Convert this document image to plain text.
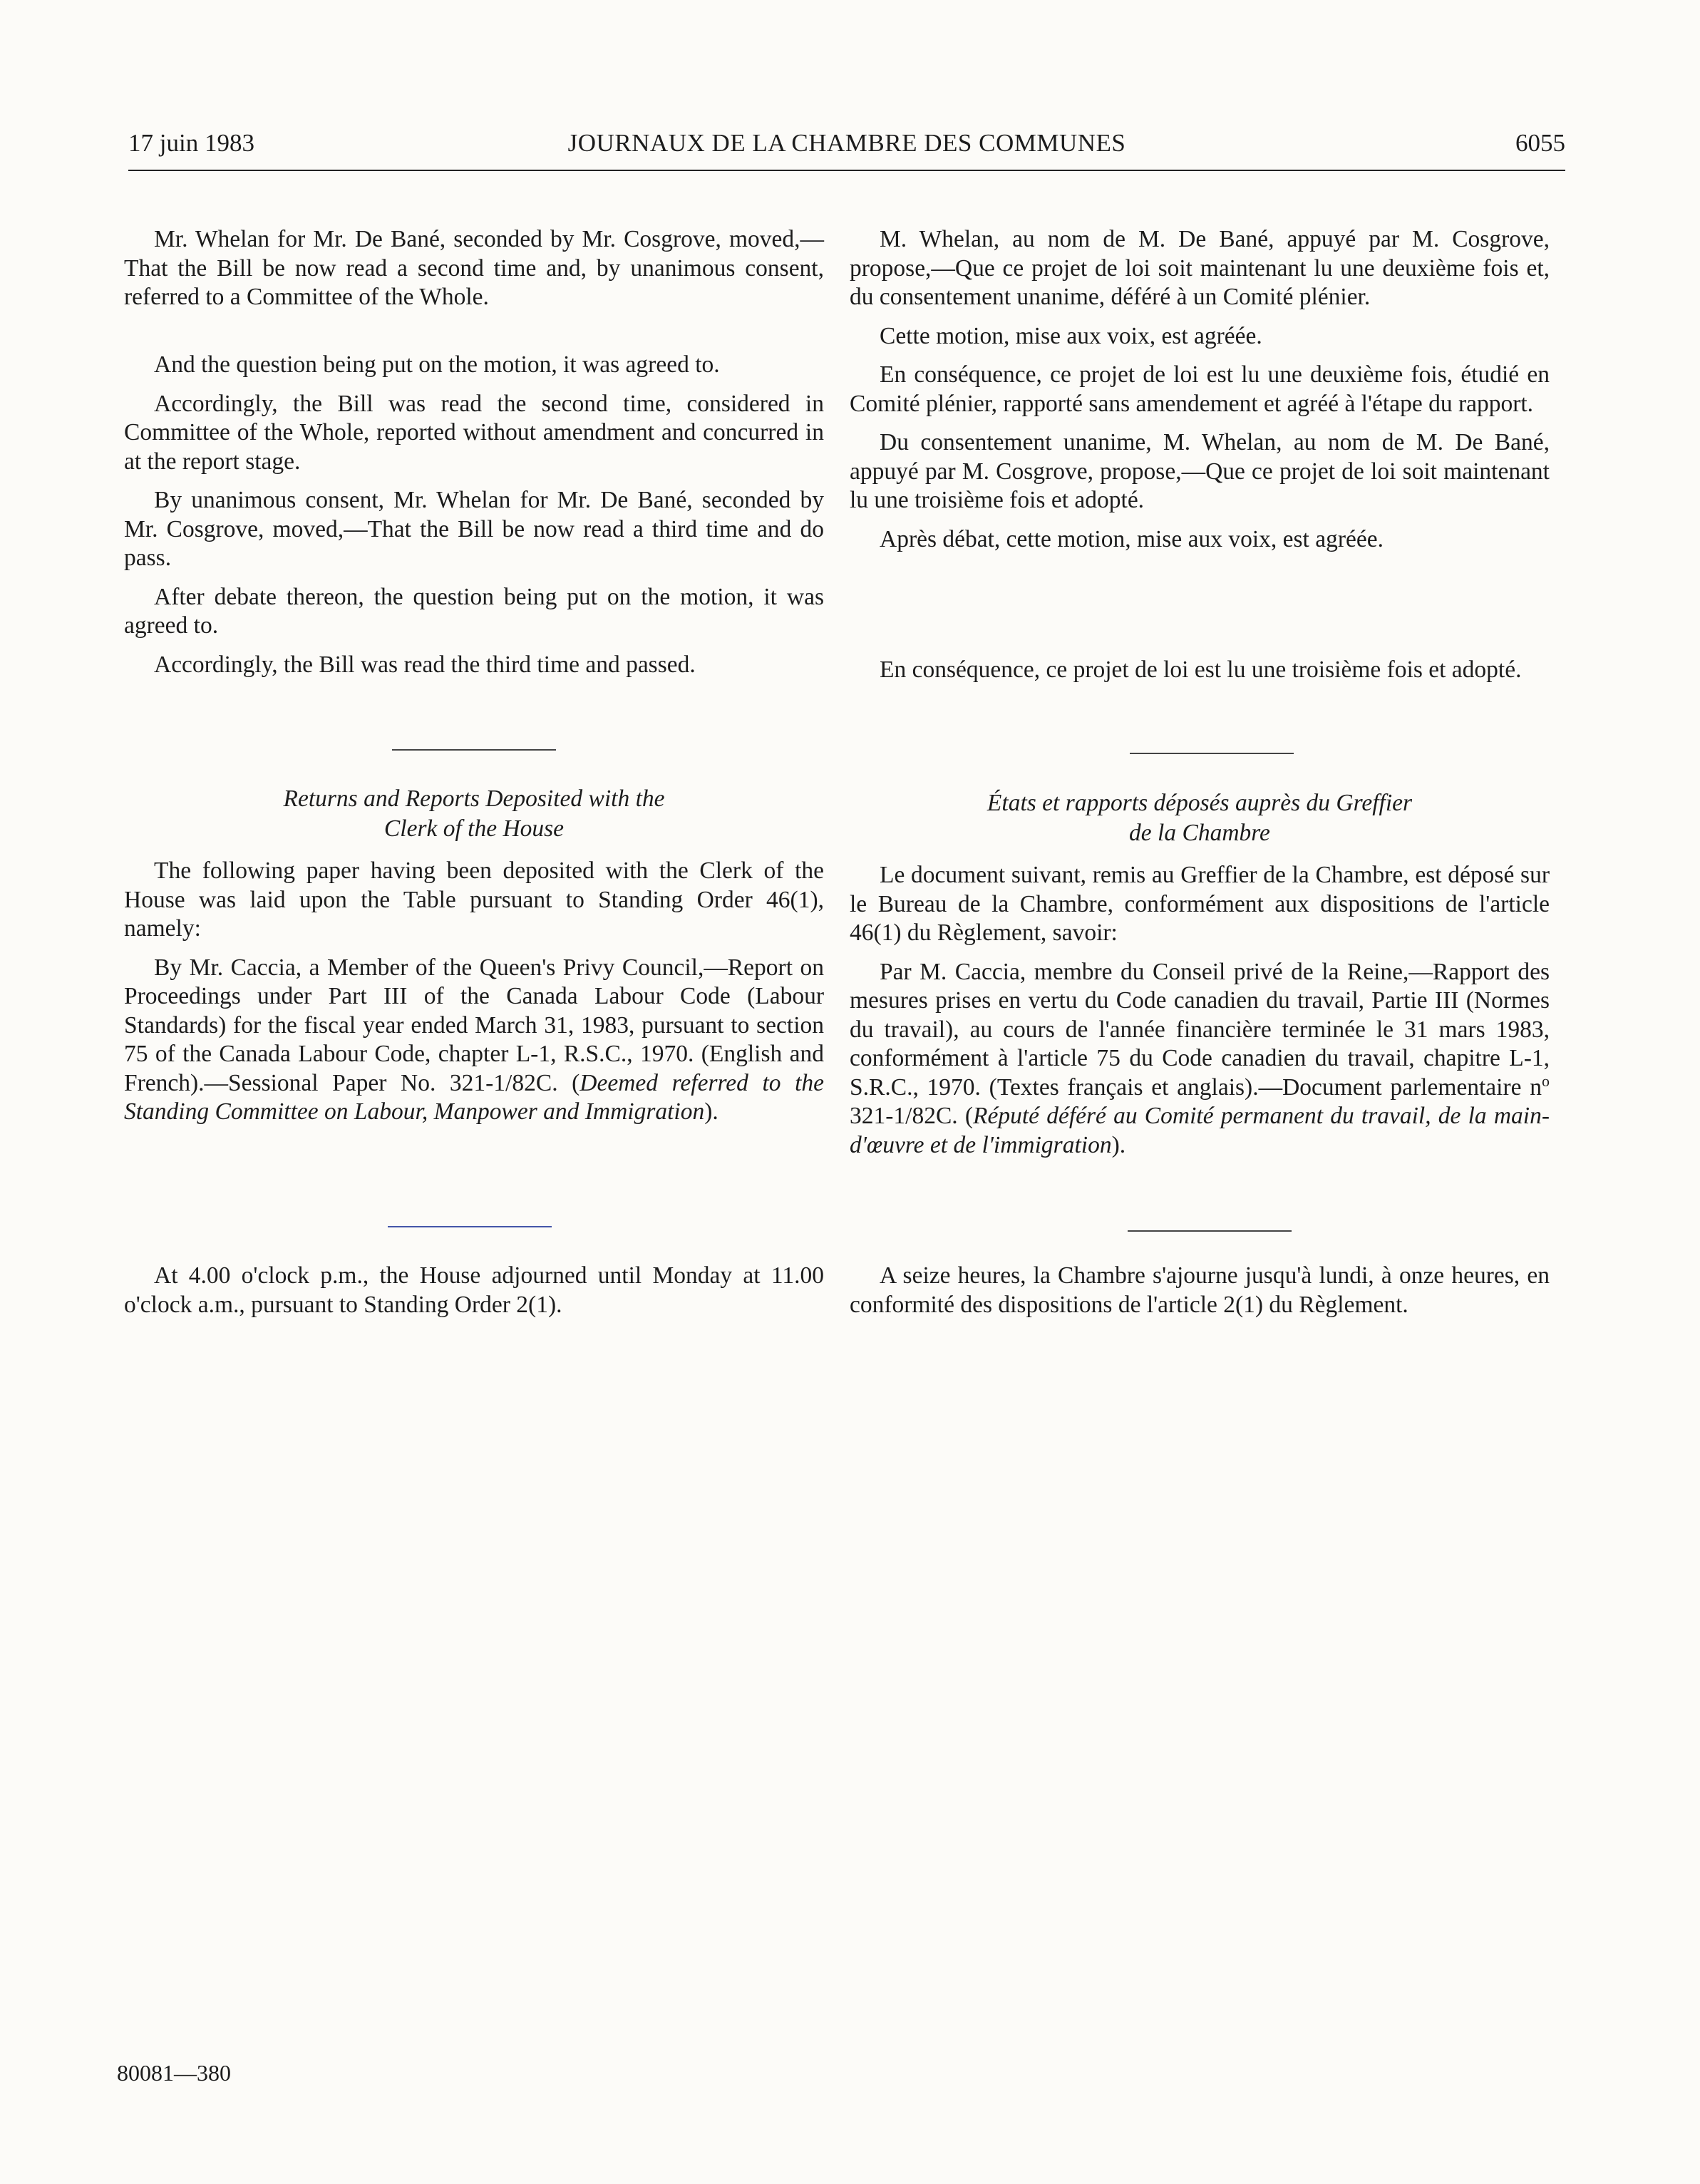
17 juin 1983	JOURNAUX DE LA CHAMBRE DES COMMUNES	6055

Mr. Whelan for Mr. De Bané, seconded by Mr. Cosgrove, moved,—That the Bill be now read a second time and, by unanimous consent, referred to a Committee of the Whole.

And the question being put on the motion, it was agreed to.

Accordingly, the Bill was read the second time, considered in Committee of the Whole, reported without amendment and concurred in at the report stage.

By unanimous consent, Mr. Whelan for Mr. De Bané, seconded by Mr. Cosgrove, moved,—That the Bill be now read a third time and do pass.

After debate thereon, the question being put on the motion, it was agreed to.

Accordingly, the Bill was read the third time and passed.

Returns and Reports Deposited with the
Clerk of the House

The following paper having been deposited with the Clerk of the House was laid upon the Table pursuant to Standing Order 46(1), namely:

By Mr. Caccia, a Member of the Queen's Privy Council,—Report on Proceedings under Part III of the Canada Labour Code (Labour Standards) for the fiscal year ended March 31, 1983, pursuant to section 75 of the Canada Labour Code, chapter L-1, R.S.C., 1970. (English and French).—Sessional Paper No. 321-1/82C. (Deemed referred to the Standing Committee on Labour, Manpower and Immigration).

At 4.00 o'clock p.m., the House adjourned until Monday at 11.00 o'clock a.m., pursuant to Standing Order 2(1).

M. Whelan, au nom de M. De Bané, appuyé par M. Cosgrove, propose,—Que ce projet de loi soit maintenant lu une deuxième fois et, du consentement unanime, déféré à un Comité plénier.

Cette motion, mise aux voix, est agréée.

En conséquence, ce projet de loi est lu une deuxième fois, étudié en Comité plénier, rapporté sans amendement et agréé à l'étape du rapport.

Du consentement unanime, M. Whelan, au nom de M. De Bané, appuyé par M. Cosgrove, propose,—Que ce projet de loi soit maintenant lu une troisième fois et adopté.

Après débat, cette motion, mise aux voix, est agréée.

En conséquence, ce projet de loi est lu une troisième fois et adopté.

États et rapports déposés auprès du Greffier
de la Chambre

Le document suivant, remis au Greffier de la Chambre, est déposé sur le Bureau de la Chambre, conformément aux dispositions de l'article 46(1) du Règlement, savoir:

Par M. Caccia, membre du Conseil privé de la Reine,—Rapport des mesures prises en vertu du Code canadien du travail, Partie III (Normes du travail), au cours de l'année financière terminée le 31 mars 1983, conformément à l'article 75 du Code canadien du travail, chapitre L-1, S.R.C., 1970. (Textes français et anglais).—Document parlementaire $n^o$ 321-1/82C. (Réputé déféré au Comité permanent du travail, de la main-d'œuvre et de l'immigration).

A seize heures, la Chambre s'ajourne jusqu'à lundi, à onze heures, en conformité des dispositions de l'article 2(1) du Règlement.

80081—380
